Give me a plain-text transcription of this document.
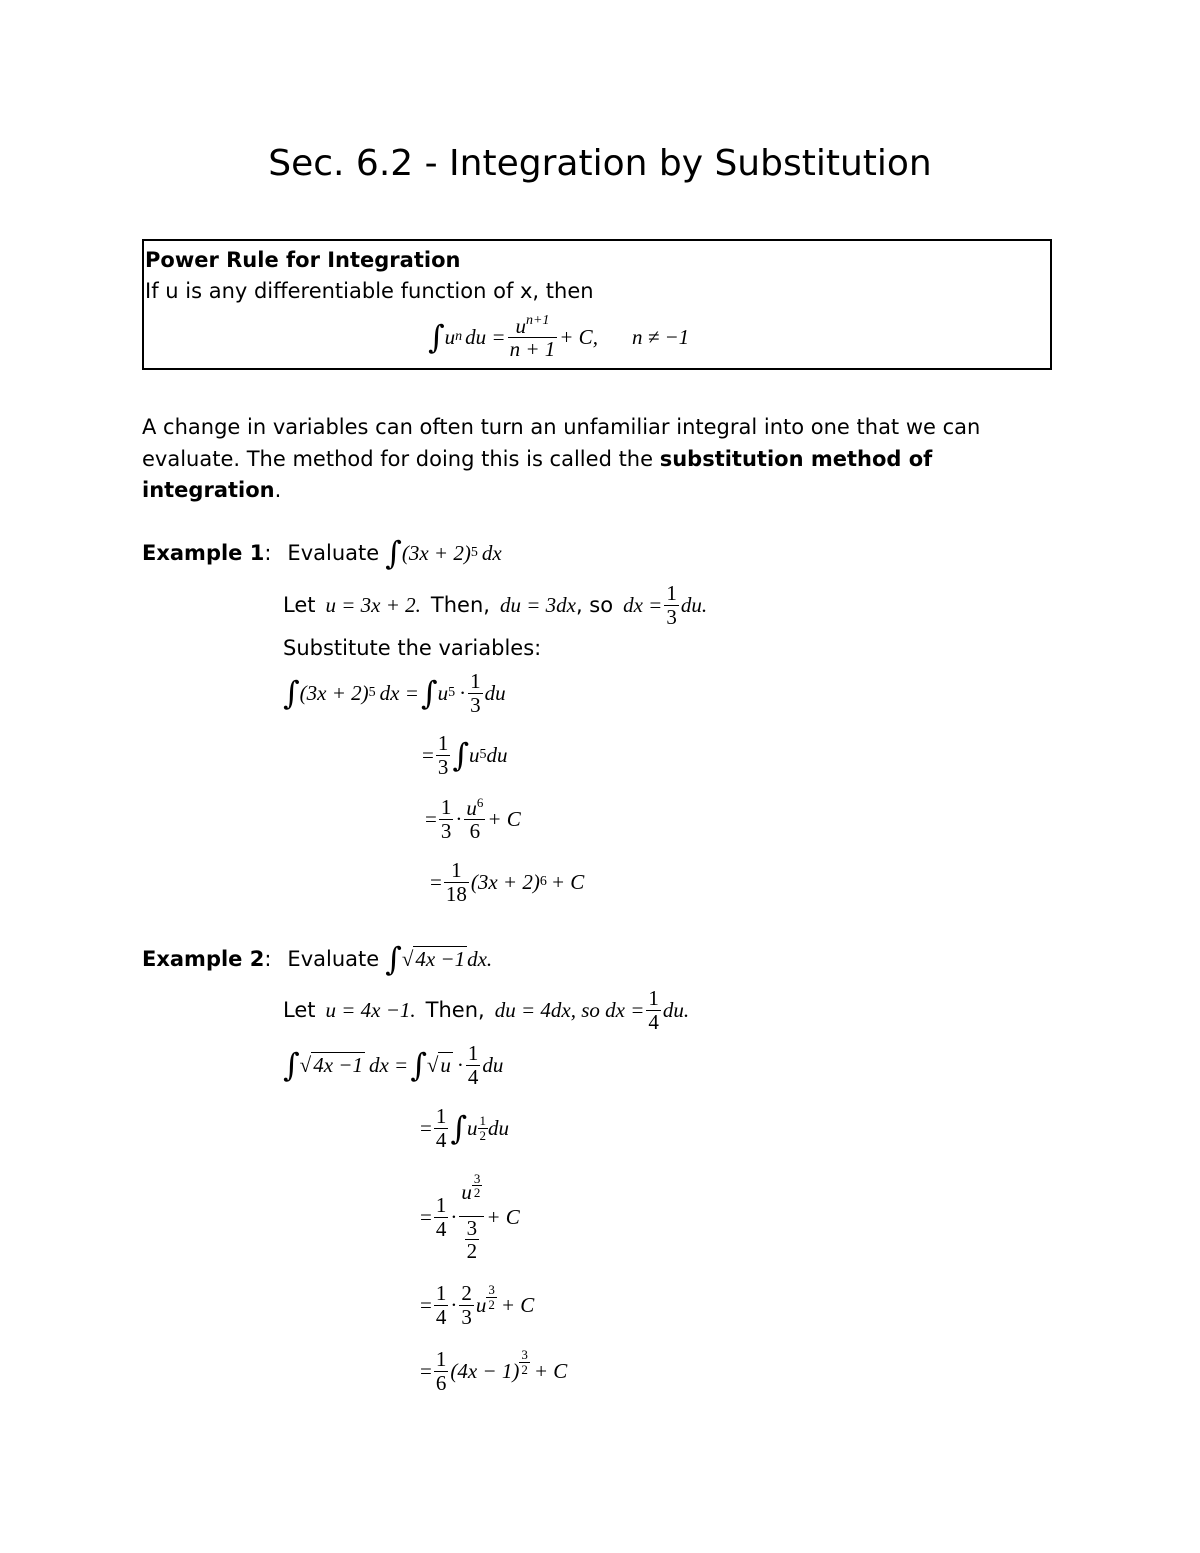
Sec. 6.2 - Integration by Substitution
Power Rule for Integration
If u is any differentiable function of x, then
∫ u n du = $\frac{u^{n+1}}{n + 1} + C$, n ≠ −1
A change in variables can often turn an unfamiliar integral into one that we can
evaluate. The method for doing this is called the substitution method of
integration.
Example 1 : Evaluate ∫ (3x + 2) 5 dx
Let u = 3x + 2. Then, du = 3dx , so dx = $\frac{1}{3}$ du.
Substitute the variables:
∫ (3x + 2) 5 dx = ∫ u $5 \cdot \frac{1}{3}$ du
= $\frac{1}{3}$ ∫ u 5 du
= $\frac{1}{3} \cdot \frac{u^6}{6} + C$
= $\frac{1}{18} (3x + 2) 6 + C$
Example 2 : Evaluate ∫ √ 4x −1 dx.
Let u = 4x −1. Then, du = 4dx, so dx = $\frac{1}{4}$ du.
∫ √ 4x −1 dx = ∫ √ $u \cdot \frac{1}{4}$ du
= $\frac{1}{4}$ ∫ u $\frac{1}{2}$ du
= $\frac{1}{4} \cdot \frac{u \frac{3}{2}}{\frac{3}{2}} + C$
= $\frac{1}{4} \cdot \frac{2}{3}$ u $\frac{3}{2} + C$
= $\frac{1}{6} (4x - 1) \frac{3}{2} + C$
